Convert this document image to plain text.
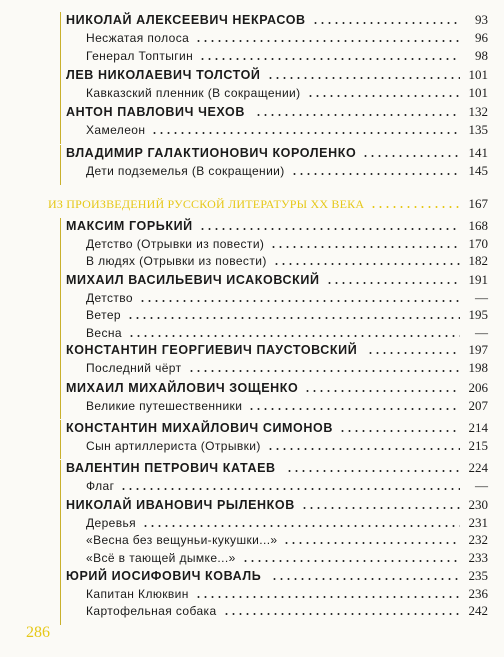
НИКОЛАЙ АЛЕКСЕЕВИЧ НЕКРАСОВ	93
Несжатая полоса	96
Генерал Топтыгин	98
ЛЕВ НИКОЛАЕВИЧ ТОЛСТОЙ	101
Кавказский пленник (В сокращении)	101
АНТОН ПАВЛОВИЧ ЧЕХОВ	132
Хамелеон	135
ВЛАДИМИР ГАЛАКТИОНОВИЧ КОРОЛЕНКО	141
Дети подземелья (В сокращении)	145
ИЗ ПРОИЗВЕДЕНИЙ РУССКОЙ ЛИТЕРАТУРЫ XX ВЕКА	167
МАКСИМ ГОРЬКИЙ	168
Детство (Отрывки из повести)	170
В людях (Отрывки из повести)	182
МИХАИЛ ВАСИЛЬЕВИЧ ИСАКОВСКИЙ	191
Детство	—
Ветер	195
Весна	—
КОНСТАНТИН ГЕОРГИЕВИЧ ПАУСТОВСКИЙ	197
Последний чёрт	198
МИХАИЛ МИХАЙЛОВИЧ ЗОЩЕНКО	206
Великие путешественники	207
КОНСТАНТИН МИХАЙЛОВИЧ СИМОНОВ	214
Сын артиллериста (Отрывки)	215
ВАЛЕНТИН ПЕТРОВИЧ КАТАЕВ	224
Флаг	—
НИКОЛАЙ ИВАНОВИЧ РЫЛЕНКОВ	230
Деревья	231
«Весна без вещуньи-кукушки...»	232
«Всё в тающей дымке...»	233
ЮРИЙ ИОСИФОВИЧ КОВАЛЬ	235
Капитан Клюквин	236
Картофельная собака	242
286
